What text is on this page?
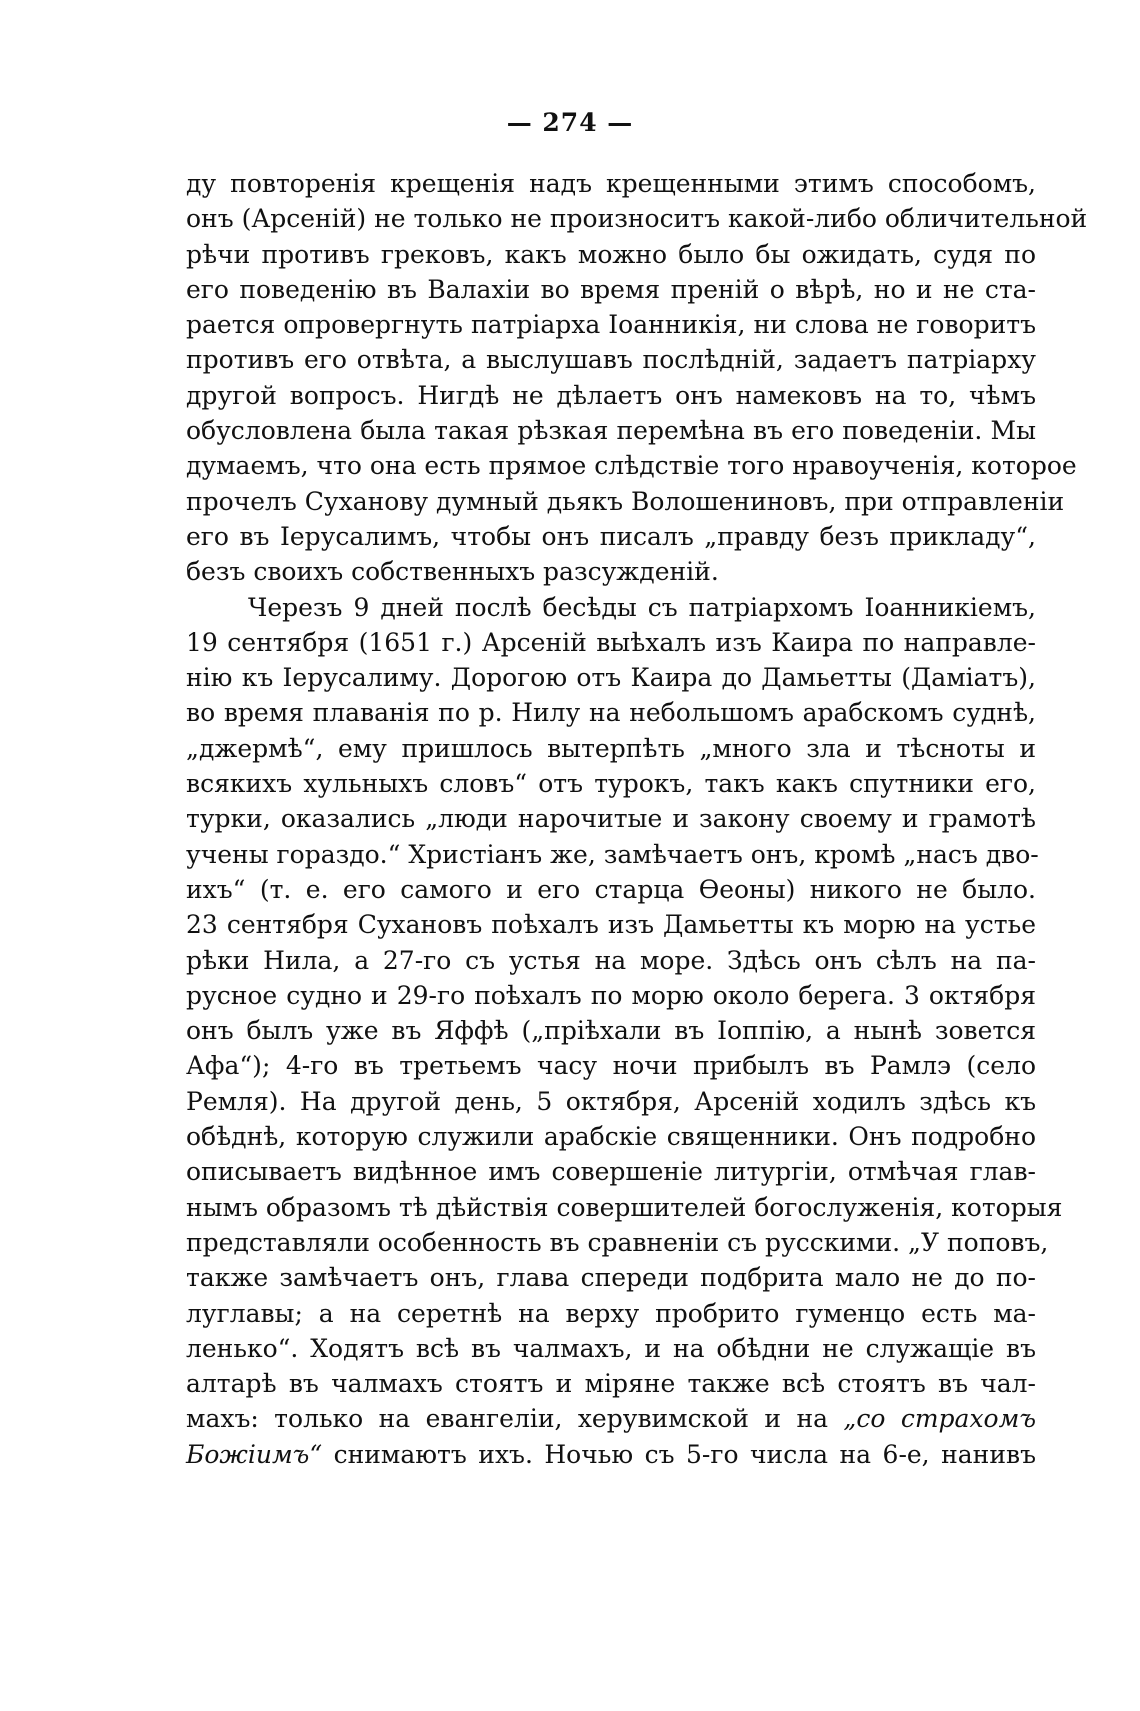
— 274 —
ду повторенія крещенія надъ крещенными этимъ способомъ,
онъ (Арсеній) не только не произноситъ какой-либо обличительной
рѣчи противъ грековъ, какъ можно было бы ожидать, судя по
его поведенію въ Валахіи во время преній о вѣрѣ, но и не ста-
рается опровергнуть патріарха Іоанникія, ни слова не говоритъ
противъ его отвѣта, а выслушавъ послѣдній, задаетъ патріарху
другой вопросъ. Нигдѣ не дѣлаетъ онъ намековъ на то, чѣмъ
обусловлена была такая рѣзкая перемѣна въ его поведеніи. Мы
думаемъ, что она есть прямое слѣдствіе того нравоученія, которое
прочелъ Суханову думный дьякъ Волошениновъ, при отправленіи
его въ Іерусалимъ, чтобы онъ писалъ „правду безъ прикладу“,
безъ своихъ собственныхъ разсужденій.
Черезъ 9 дней послѣ бесѣды съ патріархомъ Іоанникіемъ,
19 сентября (1651 г.) Арсеній выѣхалъ изъ Каира по направле-
нію къ Іерусалиму. Дорогою отъ Каира до Дамьетты (Даміатъ),
во время плаванія по р. Нилу на небольшомъ арабскомъ суднѣ,
„джермѣ“, ему пришлось вытерпѣть „много зла и тѣсноты и
всякихъ хульныхъ словъ“ отъ турокъ, такъ какъ спутники его,
турки, оказались „люди нарочитые и закону своему и грамотѣ
учены гораздо.“ Христіанъ же, замѣчаетъ онъ, кромѣ „насъ дво-
ихъ“ (т. е. его самого и его старца Ѳеоны) никого не было.
23 сентября Сухановъ поѣхалъ изъ Дамьетты къ морю на устье
рѣки Нила, а 27-го съ устья на море. Здѣсь онъ сѣлъ на па-
русное судно и 29-го поѣхалъ по морю около берега. 3 октября
онъ былъ уже въ Яффѣ („пріѣхали въ Іоппію, а нынѣ зовется
Афа“); 4-го въ третьемъ часу ночи прибылъ въ Рамлэ (село
Ремля). На другой день, 5 октября, Арсеній ходилъ здѣсь къ
обѣднѣ, которую служили арабскіе священники. Онъ подробно
описываетъ видѣнное имъ совершеніе литургіи, отмѣчая глав-
нымъ образомъ тѣ дѣйствія совершителей богослуженія, которыя
представляли особенность въ сравненіи съ русскими. „У поповъ,
также замѣчаетъ онъ, глава спереди подбрита мало не до по-
луглавы; а на серетнѣ на верху пробрито гуменцо есть ма-
ленько“. Ходятъ всѣ въ чалмахъ, и на обѣдни не служащіе въ
алтарѣ въ чалмахъ стоятъ и міряне также всѣ стоятъ въ чал-
махъ: только на евангеліи, херувимской и на „со страхомъ
Божіимъ“ снимаютъ ихъ. Ночью съ 5-го числа на 6-е, нанивъ
